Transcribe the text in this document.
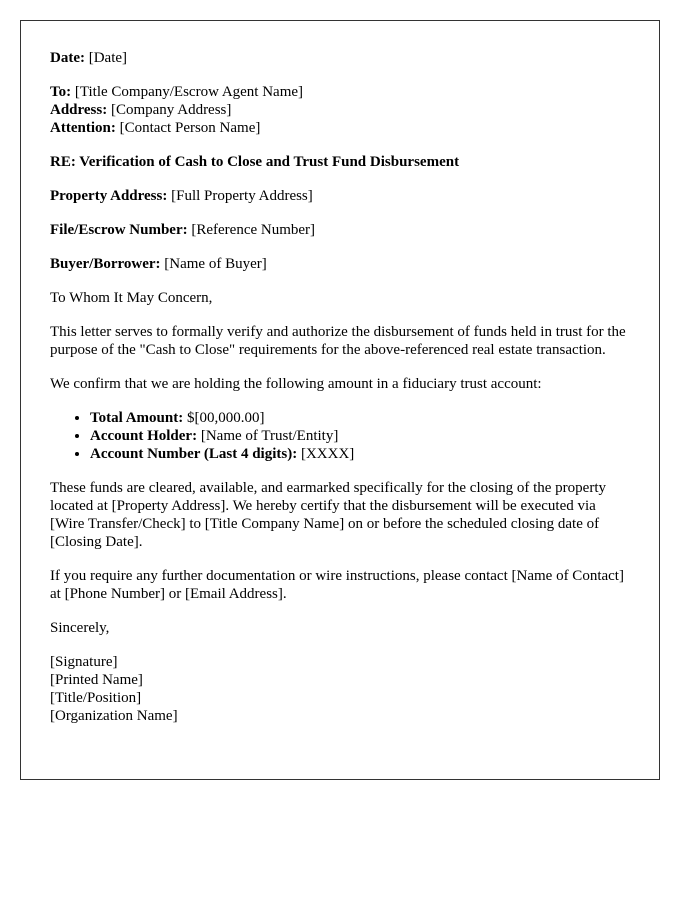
Date: [Date]

To: [Title Company/Escrow Agent Name]
Address: [Company Address]
Attention: [Contact Person Name]

RE: Verification of Cash to Close and Trust Fund Disbursement

Property Address: [Full Property Address]

File/Escrow Number: [Reference Number]

Buyer/Borrower: [Name of Buyer]

To Whom It May Concern,

This letter serves to formally verify and authorize the disbursement of funds held in trust for the purpose of the "Cash to Close" requirements for the above-referenced real estate transaction.

We confirm that we are holding the following amount in a fiduciary trust account:

• Total Amount: $[00,000.00]
• Account Holder: [Name of Trust/Entity]
• Account Number (Last 4 digits): [XXXX]

These funds are cleared, available, and earmarked specifically for the closing of the property located at [Property Address]. We hereby certify that the disbursement will be executed via [Wire Transfer/Check] to [Title Company Name] on or before the scheduled closing date of [Closing Date].

If you require any further documentation or wire instructions, please contact [Name of Contact] at [Phone Number] or [Email Address].

Sincerely,

[Signature]
[Printed Name]
[Title/Position]
[Organization Name]
